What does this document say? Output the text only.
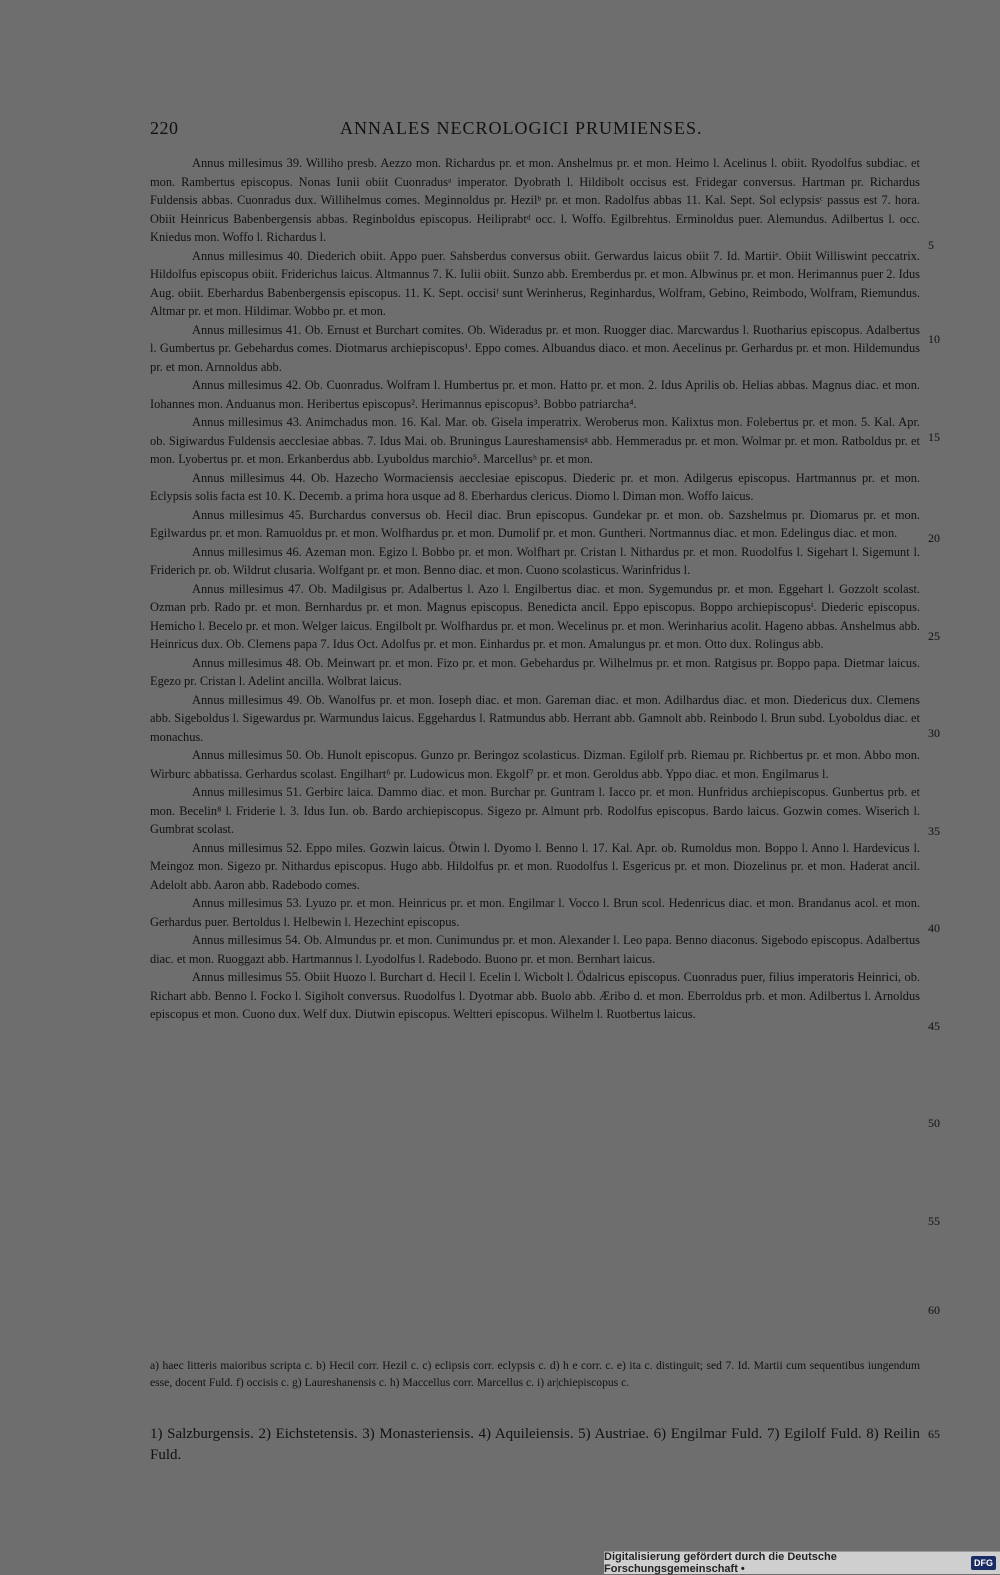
220	ANNALES NECROLOGICI PRUMIENSES.

Annus millesimus 39. Williho presb. Aezzo mon. Richardus pr. et mon. Anshelmus pr. et mon. Heimo l. Acelinus l. obiit. Ryodolfus subdiac. et mon. Rambertus episcopus. Nonas Iunii obiit Cuonradusᵃ imperator. Dyobrath l. Hildibolt occisus est. Fridegar conversus. Hartman pr. Richardus Fuldensis abbas. Cuonradus dux. Willihelmus comes. Meginnoldus pr. Hezilᵇ pr. et mon. Radolfus abbas 11. Kal. Sept. Sol eclypsisᶜ passus est 7. hora. Obiit Heinricus Babenbergensis abbas. Reginboldus episcopus. Heiliprabtᵈ occ. l. Woffo. Egilbrehtus. Erminoldus puer. Alemundus. Adilbertus l. occ. Kniedus mon. Woffo l. Richardus l.

Annus millesimus 40. Diederich obiit. Appo puer. Sahsberdus conversus obiit. Gerwardus laicus obiit 7. Id. Martiiᵉ. Obiit Williswint peccatrix. Hildolfus episcopus obiit. Friderichus laicus. Altmannus 7. K. Iulii obiit. Sunzo abb. Eremberdus pr. et mon. Albwinus pr. et mon. Herimannus puer 2. Idus Aug. obiit. Eberhardus Babenbergensis episcopus. 11. K. Sept. occisiᶠ sunt Werinherus, Reginhardus, Wolfram, Gebino, Reimbodo, Wolfram, Riemundus. Altmar pr. et mon. Hildimar. Wobbo pr. et mon.

Annus millesimus 41. Ob. Ernust et Burchart comites. Ob. Wideradus pr. et mon. Ruogger diac. Marcwardus l. Ruotharius episcopus. Adalbertus l. Gumbertus pr. Gebehardus comes. Diotmarus archiepiscopus¹. Eppo comes. Albuandus diaco. et mon. Aecelinus pr. Gerhardus pr. et mon. Hildemundus pr. et mon. Arnnoldus abb.

Annus millesimus 42. Ob. Cuonradus. Wolfram l. Humbertus pr. et mon. Hatto pr. et mon. 2. Idus Aprilis ob. Helias abbas. Magnus diac. et mon. Iohannes mon. Anduanus mon. Heribertus episcopus². Herimannus episcopus³. Bobbo patriarcha⁴.

Annus millesimus 43. Animchadus mon. 16. Kal. Mar. ob. Gisela imperatrix. Weroberus mon. Kalixtus mon. Folebertus pr. et mon. 5. Kal. Apr. ob. Sigiwardus Fuldensis aecclesiae abbas. 7. Idus Mai. ob. Bruningus Laureshamensisᵍ abb. Hemmeradus pr. et mon. Wolmar pr. et mon. Ratboldus pr. et mon. Lyobertus pr. et mon. Erkanberdus abb. Lyuboldus marchio⁵. Marcellusʰ pr. et mon.

Annus millesimus 44. Ob. Hazecho Wormaciensis aecclesiae episcopus. Diederic pr. et mon. Adilgerus episcopus. Hartmannus pr. et mon. Eclypsis solis facta est 10. K. Decemb. a prima hora usque ad 8. Eberhardus clericus. Diomo l. Diman mon. Woffo laicus.

Annus millesimus 45. Burchardus conversus ob. Hecil diac. Brun episcopus. Gundekar pr. et mon. ob. Sazshelmus pr. Diomarus pr. et mon. Egilwardus pr. et mon. Ramuoldus pr. et mon. Wolfhardus pr. et mon. Dumolif pr. et mon. Guntheri. Nortmannus diac. et mon. Edelingus diac. et mon.

Annus millesimus 46. Azeman mon. Egizo l. Bobbo pr. et mon. Wolfhart pr. Cristan l. Nithardus pr. et mon. Ruodolfus l. Sigehart l. Sigemunt l. Friderich pr. ob. Wildrut clusaria. Wolfgant pr. et mon. Benno diac. et mon. Cuono scolasticus. Warinfridus l.

Annus millesimus 47. Ob. Madilgisus pr. Adalbertus l. Azo l. Engilbertus diac. et mon. Sygemundus pr. et mon. Eggehart l. Gozzolt scolast. Ozman prb. Rado pr. et mon. Bernhardus pr. et mon. Magnus episcopus. Benedicta ancil. Eppo episcopus. Boppo archiepiscopusⁱ. Diederic episcopus. Hemicho l. Becelo pr. et mon. Welger laicus. Engilbolt pr. Wolfhardus pr. et mon. Wecelinus pr. et mon. Werinharius acolit. Hageno abbas. Anshelmus abb. Heinricus dux. Ob. Clemens papa 7. Idus Oct. Adolfus pr. et mon. Einhardus pr. et mon. Amalungus pr. et mon. Otto dux. Rolingus abb.

Annus millesimus 48. Ob. Meinwart pr. et mon. Fizo pr. et mon. Gebehardus pr. Wilhelmus pr. et mon. Ratgisus pr. Boppo papa. Dietmar laicus. Egezo pr. Cristan l. Adelint ancilla. Wolbrat laicus.

Annus millesimus 49. Ob. Wanolfus pr. et mon. Ioseph diac. et mon. Gareman diac. et mon. Adilhardus diac. et mon. Diedericus dux. Clemens abb. Sigeboldus l. Sigewardus pr. Warmundus laicus. Eggehardus l. Ratmundus abb. Herrant abb. Gamnolt abb. Reinbodo l. Brun subd. Lyoboldus diac. et monachus.

Annus millesimus 50. Ob. Hunolt episcopus. Gunzo pr. Beringoz scolasticus. Dizman. Egilolf prb. Riemau pr. Richbertus pr. et mon. Abbo mon. Wirburc abbatissa. Gerhardus scolast. Engilhart⁶ pr. Ludowicus mon. Ekgolf⁷ pr. et mon. Geroldus abb. Yppo diac. et mon. Engilmarus l.

Annus millesimus 51. Gerbirc laica. Dammo diac. et mon. Burchar pr. Guntram l. Iacco pr. et mon. Hunfridus archiepiscopus. Gunbertus prb. et mon. Becelin⁸ l. Friderie l. 3. Idus Iun. ob. Bardo archiepiscopus. Sigezo pr. Almunt prb. Rodolfus episcopus. Bardo laicus. Gozwin comes. Wiserich l. Gumbrat scolast.

Annus millesimus 52. Eppo miles. Gozwin laicus. Ötwin l. Dyomo l. Benno l. 17. Kal. Apr. ob. Rumoldus mon. Boppo l. Anno l. Hardevicus l. Meingoz mon. Sigezo pr. Nithardus episcopus. Hugo abb. Hildolfus pr. et mon. Ruodolfus l. Esgericus pr. et mon. Diozelinus pr. et mon. Haderat ancil. Adelolt abb. Aaron abb. Radebodo comes.

Annus millesimus 53. Lyuzo pr. et mon. Heinricus pr. et mon. Engilmar l. Vocco l. Brun scol. Hedenricus diac. et mon. Brandanus acol. et mon. Gerhardus puer. Bertoldus l. Helbewin l. Hezechint episcopus.

Annus millesimus 54. Ob. Almundus pr. et mon. Cunimundus pr. et mon. Alexander l. Leo papa. Benno diaconus. Sigebodo episcopus. Adalbertus diac. et mon. Ruoggazt abb. Hartmannus l. Lyodolfus l. Radebodo. Buono pr. et mon. Bernhart laicus.

Annus millesimus 55. Obiit Huozo l. Burchart d. Hecil l. Ecelin l. Wicbolt l. Ödalricus episcopus. Cuonradus puer, filius imperatoris Heinrici, ob. Richart abb. Benno l. Focko l. Sigiholt conversus. Ruodolfus l. Dyotmar abb. Buolo abb. Æribo d. et mon. Eberroldus prb. et mon. Adilbertus l. Arnoldus episcopus et mon. Cuono dux. Welf dux. Diutwin episcopus. Weltteri episcopus. Wilhelm l. Ruotbertus laicus.

5
10
15
20
25
30
35
40
45
50
55
60
65
a) haec litteris maioribus scripta c. b) Hecil corr. Hezil c. c) eclipsis corr. eclypsis c. d) h e corr. c. e) ita c. distinguit; sed 7. Id. Martii cum sequentibus iungendum esse, docent Fuld. f) occisis c. g) Laureshanensis c. h) Maccellus corr. Marcellus c. i) ar|chiepiscopus c.
1) Salzburgensis. 2) Eichstetensis. 3) Monasteriensis. 4) Aquileiensis. 5) Austriae. 6) Engilmar Fuld. 7) Egilolf Fuld. 8) Reilin Fuld.
Digitalisierung gefördert durch die Deutsche Forschungsgemeinschaft •	DFG
